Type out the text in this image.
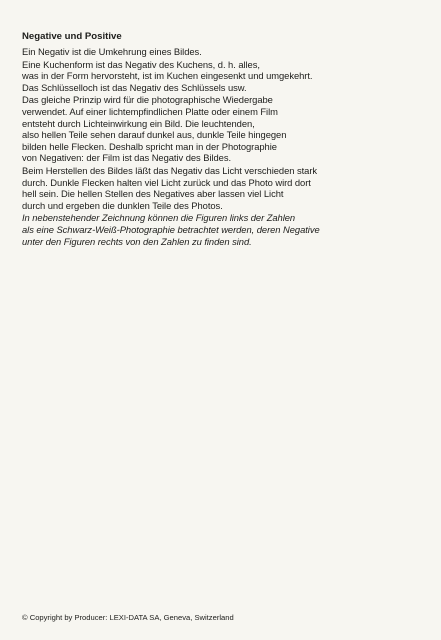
Negative und Positive
Ein Negativ ist die Umkehrung eines Bildes.
Eine Kuchenform ist das Negativ des Kuchens, d. h. alles,
was in der Form hervorsteht, ist im Kuchen eingesenkt und umgekehrt.
Das Schlüsselloch ist das Negativ des Schlüssels usw.
Das gleiche Prinzip wird für die photographische Wiedergabe
verwendet. Auf einer lichtempfindlichen Platte oder einem Film
entsteht durch Lichteinwirkung ein Bild. Die leuchtenden,
also hellen Teile sehen darauf dunkel aus, dunkle Teile hingegen
bilden helle Flecken. Deshalb spricht man in der Photographie
von Negativen: der Film ist das Negativ des Bildes.
Beim Herstellen des Bildes läßt das Negativ das Licht verschieden stark
durch. Dunkle Flecken halten viel Licht zurück und das Photo wird dort
hell sein. Die hellen Stellen des Negatives aber lassen viel Licht
durch und ergeben die dunklen Teile des Photos.
In nebenstehender Zeichnung können die Figuren links der Zahlen
als eine Schwarz-Weiß-Photographie betrachtet werden, deren Negative
unter den Figuren rechts von den Zahlen zu finden sind.
© Copyright by Producer: LEXI-DATA SA, Geneva, Switzerland
